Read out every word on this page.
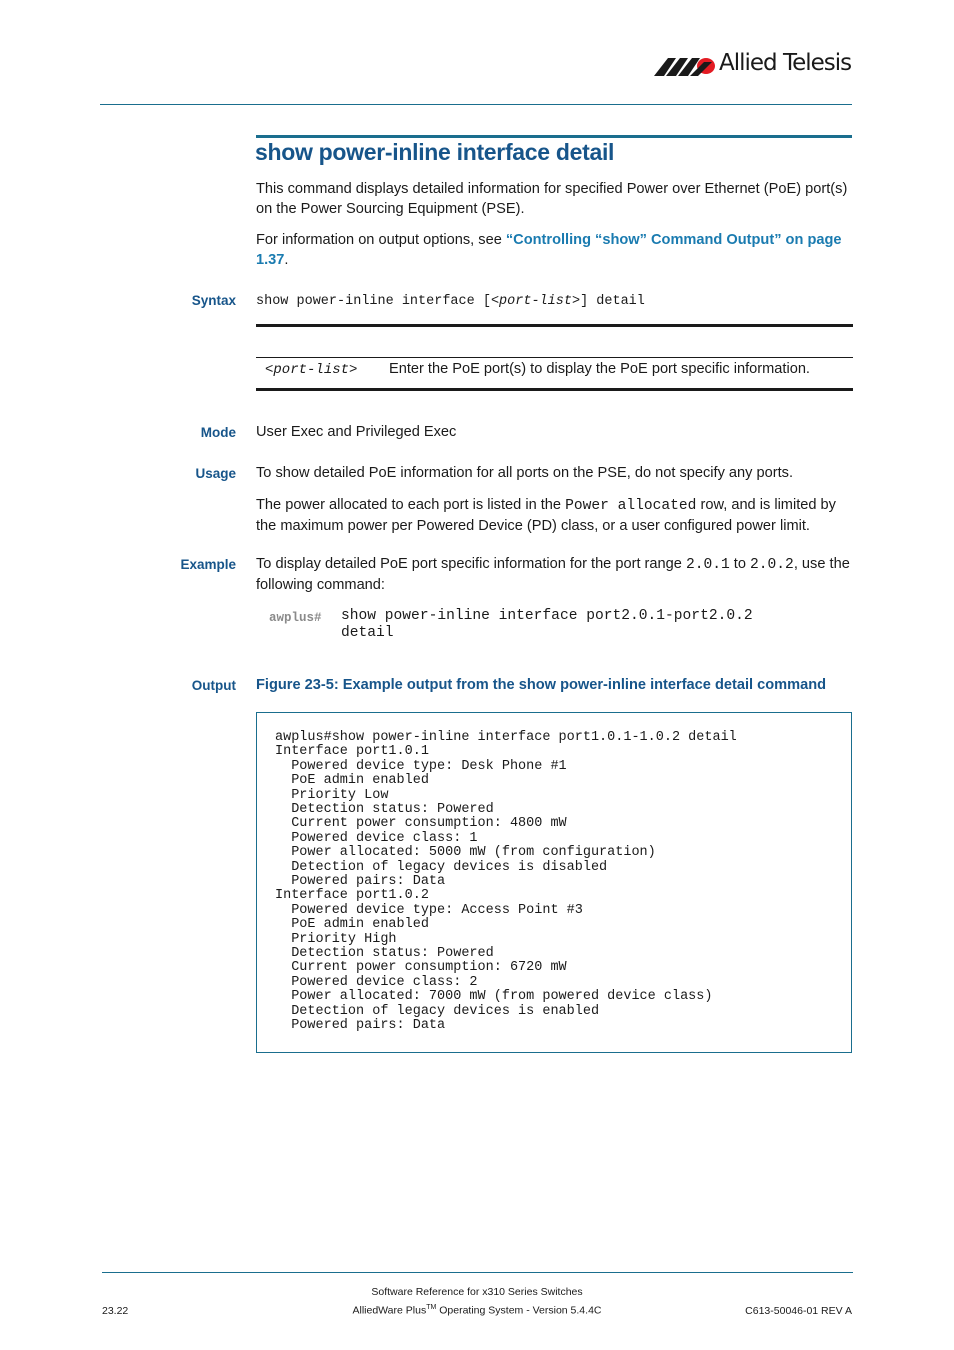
Allied Telesis
show power-inline interface detail

This command displays detailed information for specified Power over Ethernet (PoE) port(s) on the Power Sourcing Equipment (PSE).

For information on output options, see “Controlling “show” Command Output” on page 1.37.

Syntax show power-inline interface [<port-list>] detail
<port-list> Enter the PoE port(s) to display the PoE port specific information.
Mode User Exec and Privileged Exec

Usage To show detailed PoE information for all ports on the PSE, do not specify any ports.

The power allocated to each port is listed in the Power allocated row, and is limited by the maximum power per Powered Device (PD) class, or a user configured power limit.

Example To display detailed PoE port specific information for the port range 2.0.1 to 2.0.2, use the following command:

awplus# show power-inline interface port2.0.1-port2.0.2
detail
Output Figure 23-5: Example output from the show power-inline interface detail command
awplus#show power-inline interface port1.0.1-1.0.2 detail
Interface port1.0.1
Powered device type: Desk Phone #1
PoE admin enabled
Priority Low
Detection status: Powered
Current power consumption: 4800 mW
Powered device class: 1
Power allocated: 5000 mW (from configuration)
Detection of legacy devices is disabled
Powered pairs: Data
Interface port1.0.2
Powered device type: Access Point #3
PoE admin enabled
Priority High
Detection status: Powered
Current power consumption: 6720 mW
Powered device class: 2
Power allocated: 7000 mW (from powered device class)
Detection of legacy devices is enabled
Powered pairs: Data
Software Reference for x310 Series Switches
AlliedWare Plus™ Operating System - Version 5.4.4C
23.22	C613-50046-01 REV A
